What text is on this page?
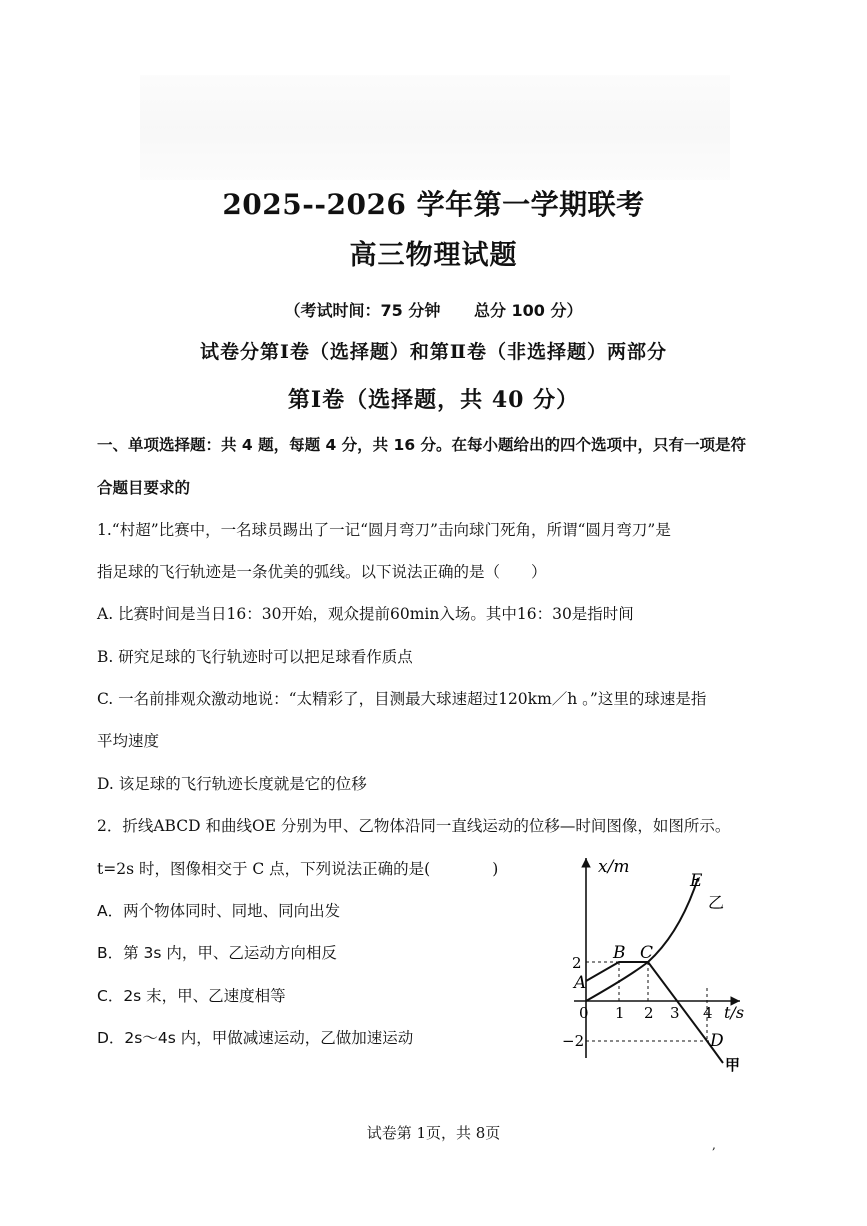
2025--2026 学年第一学期联考
高三物理试题
（考试时间：75 分钟 总分 100 分）
试卷分第Ⅰ卷（选择题）和第Ⅱ卷（非选择题）两部分
第Ⅰ卷（选择题，共 40 分）
一、单项选择题：共 4 题，每题 4 分，共 16 分。在每小题给出的四个选项中，只有一项是符
合题目要求的
1.“村超”比赛中，一名球员踢出了一记“圆月弯刀”击向球门死角，所谓“圆月弯刀”是
指足球的飞行轨迹是一条优美的弧线。以下说法正确的是（　　）
A. 比赛时间是当日16：30开始，观众提前60min入场。其中16：30是指时间
B. 研究足球的飞行轨迹时可以把足球看作质点
C. 一名前排观众激动地说：“太精彩了，目测最大球速超过120km／h 。”这里的球速是指
平均速度
D. 该足球的飞行轨迹长度就是它的位移
2．折线ABCD 和曲线OE 分别为甲、乙物体沿同一直线运动的位移—时间图像，如图所示。
t=2s 时，图像相交于 C 点，下列说法正确的是(　　　　)
A．两个物体同时、同地、同向出发
B．第 3s 内，甲、乙运动方向相反
C．2s 末，甲、乙速度相等
D．2s～4s 内，甲做减速运动，乙做加速运动
x/m
t/s
0 1 2 3 4
2
−2
A
B C
D
E
乙
甲
试卷第 1页，共 8页
,
